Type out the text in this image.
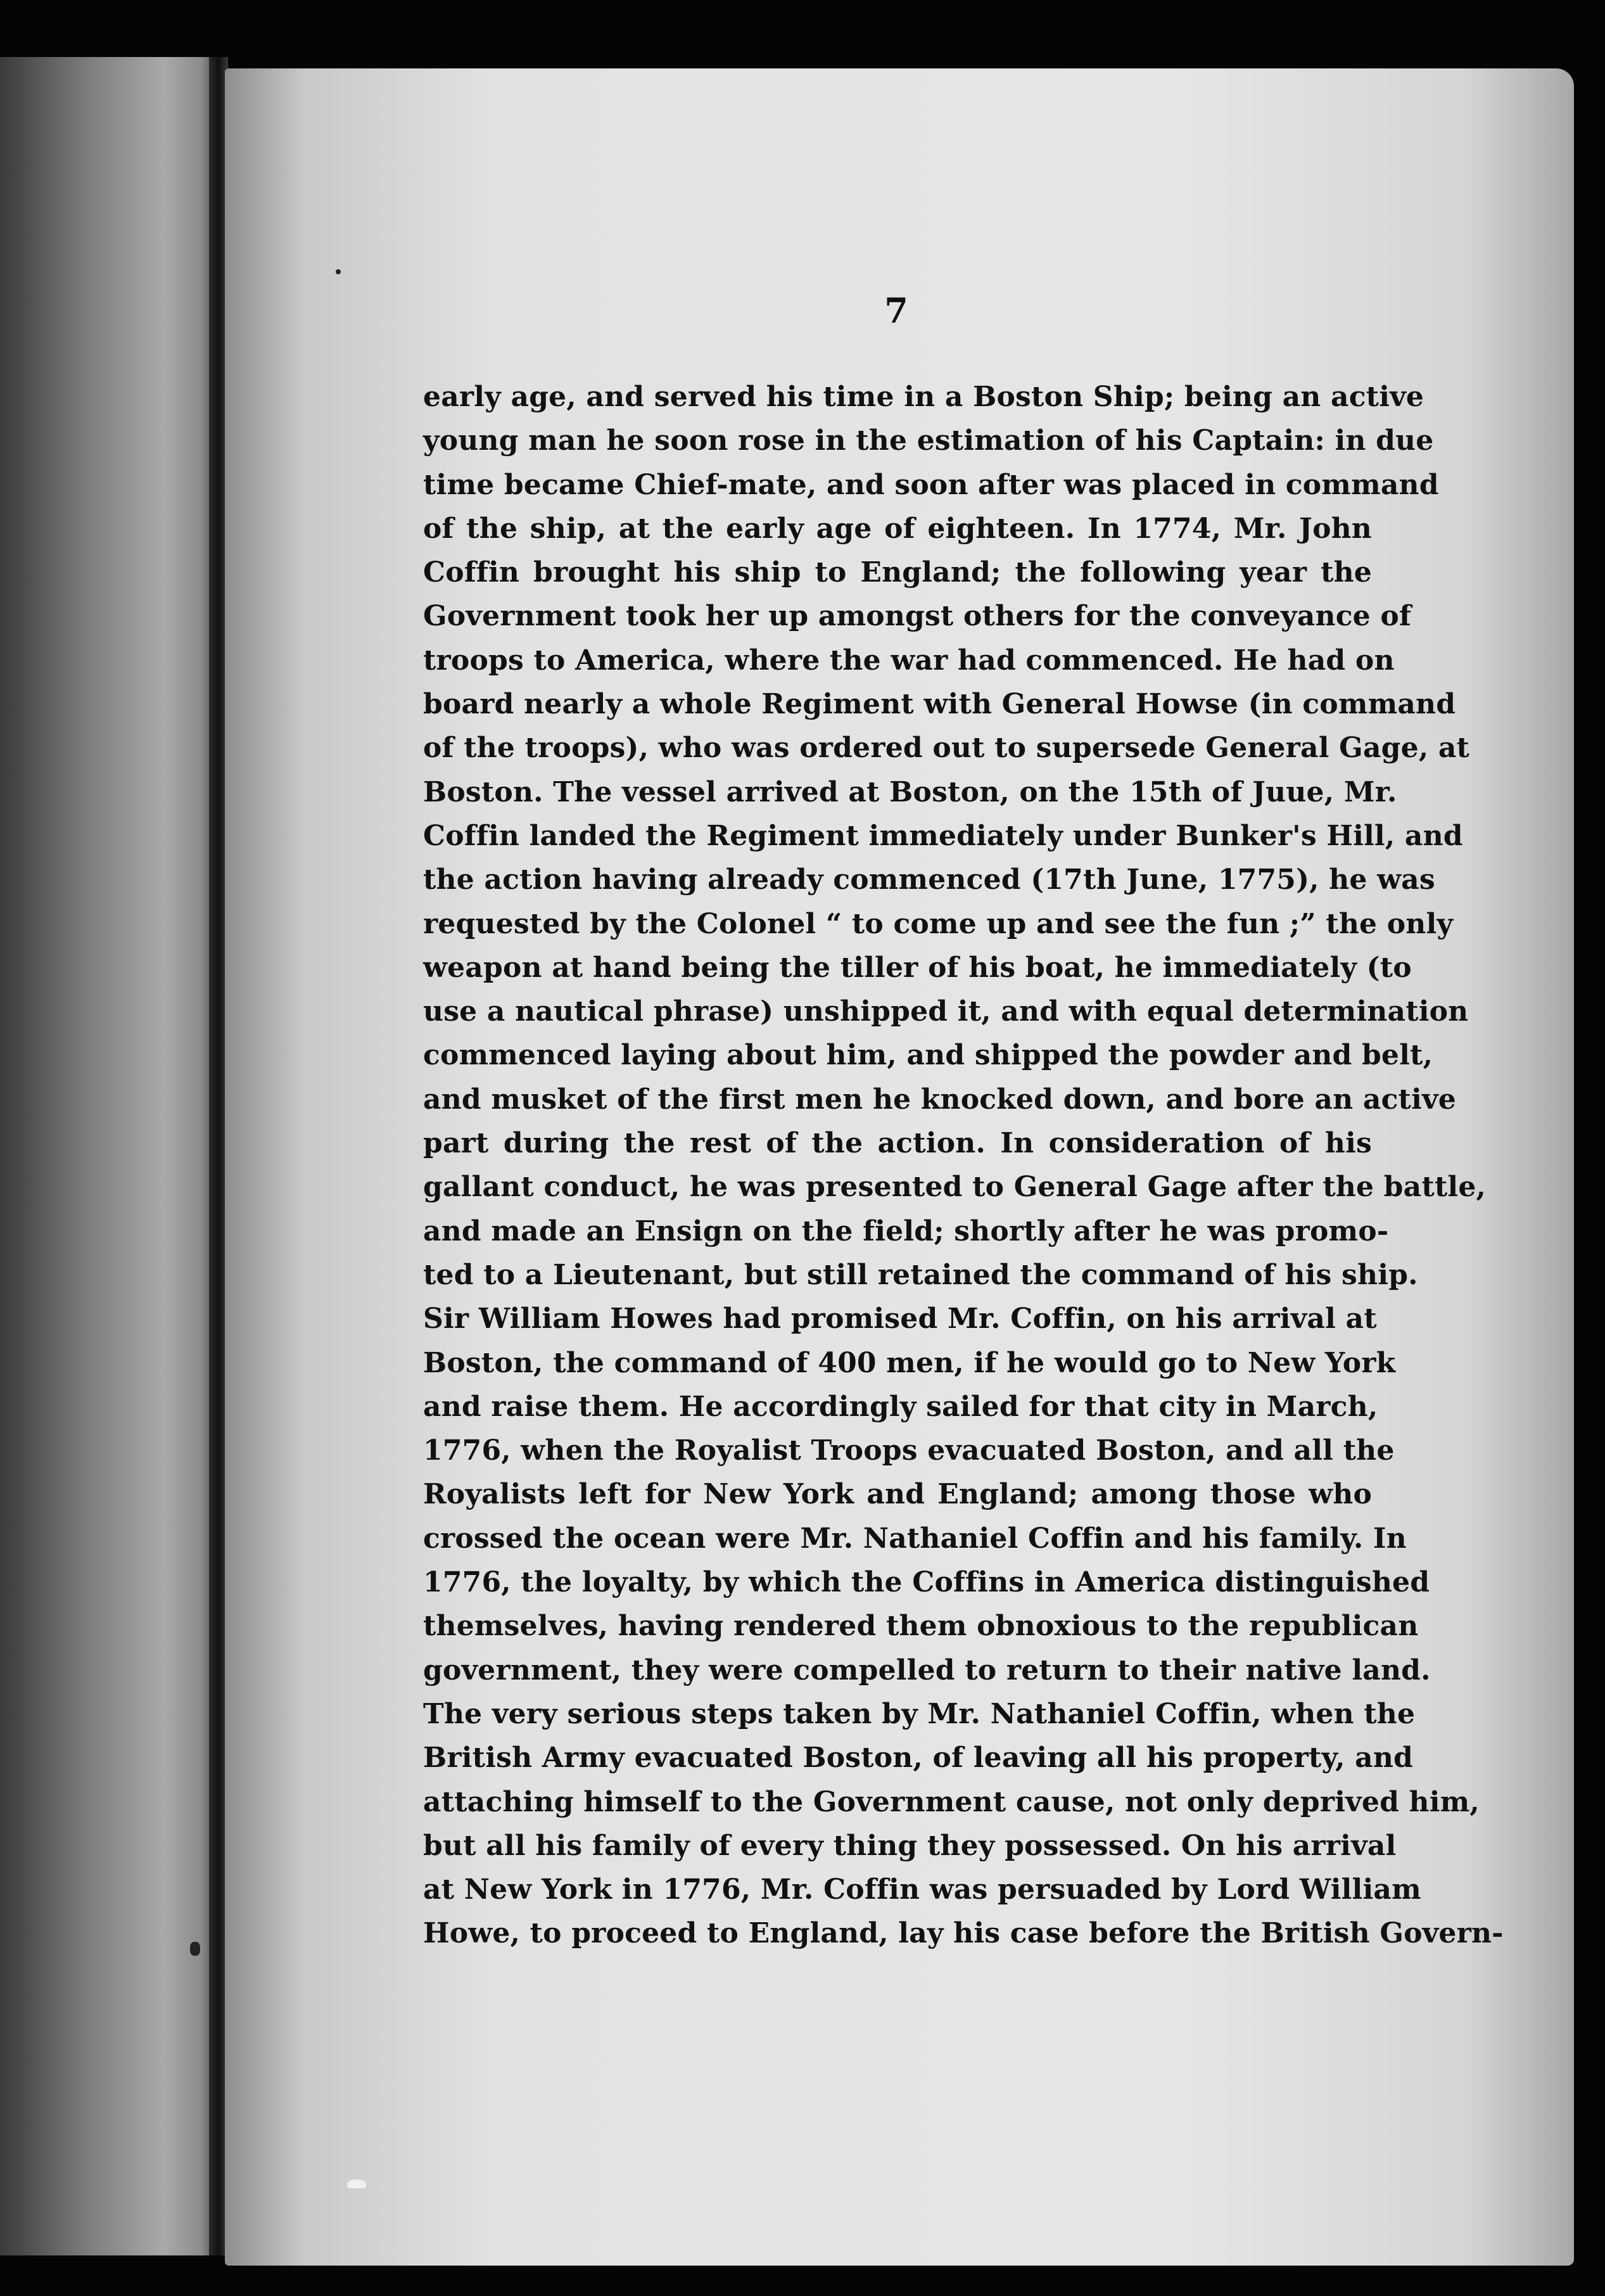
7
early age, and served his time in a Boston Ship; being an active
young man he soon rose in the estimation of his Captain: in due
time became Chief-mate, and soon after was placed in command
of the ship, at the early age of eighteen. In 1774, Mr. John
Coffin brought his ship to England; the following year the
Government took her up amongst others for the conveyance of
troops to America, where the war had commenced. He had on
board nearly a whole Regiment with General Howse (in command
of the troops), who was ordered out to supersede General Gage, at
Boston. The vessel arrived at Boston, on the 15th of Juue, Mr.
Coffin landed the Regiment immediately under Bunker's Hill, and
the action having already commenced (17th June, 1775), he was
requested by the Colonel “ to come up and see the fun ;” the only
weapon at hand being the tiller of his boat, he immediately (to
use a nautical phrase) unshipped it, and with equal determination
commenced laying about him, and shipped the powder and belt,
and musket of the first men he knocked down, and bore an active
part during the rest of the action. In consideration of his
gallant conduct, he was presented to General Gage after the battle,
and made an Ensign on the field; shortly after he was promo-
ted to a Lieutenant, but still retained the command of his ship.
Sir William Howes had promised Mr. Coffin, on his arrival at
Boston, the command of 400 men, if he would go to New York
and raise them. He accordingly sailed for that city in March,
1776, when the Royalist Troops evacuated Boston, and all the
Royalists left for New York and England; among those who
crossed the ocean were Mr. Nathaniel Coffin and his family. In
1776, the loyalty, by which the Coffins in America distinguished
themselves, having rendered them obnoxious to the republican
government, they were compelled to return to their native land.
The very serious steps taken by Mr. Nathaniel Coffin, when the
British Army evacuated Boston, of leaving all his property, and
attaching himself to the Government cause, not only deprived him,
but all his family of every thing they possessed. On his arrival
at New York in 1776, Mr. Coffin was persuaded by Lord William
Howe, to proceed to England, lay his case before the British Govern-
